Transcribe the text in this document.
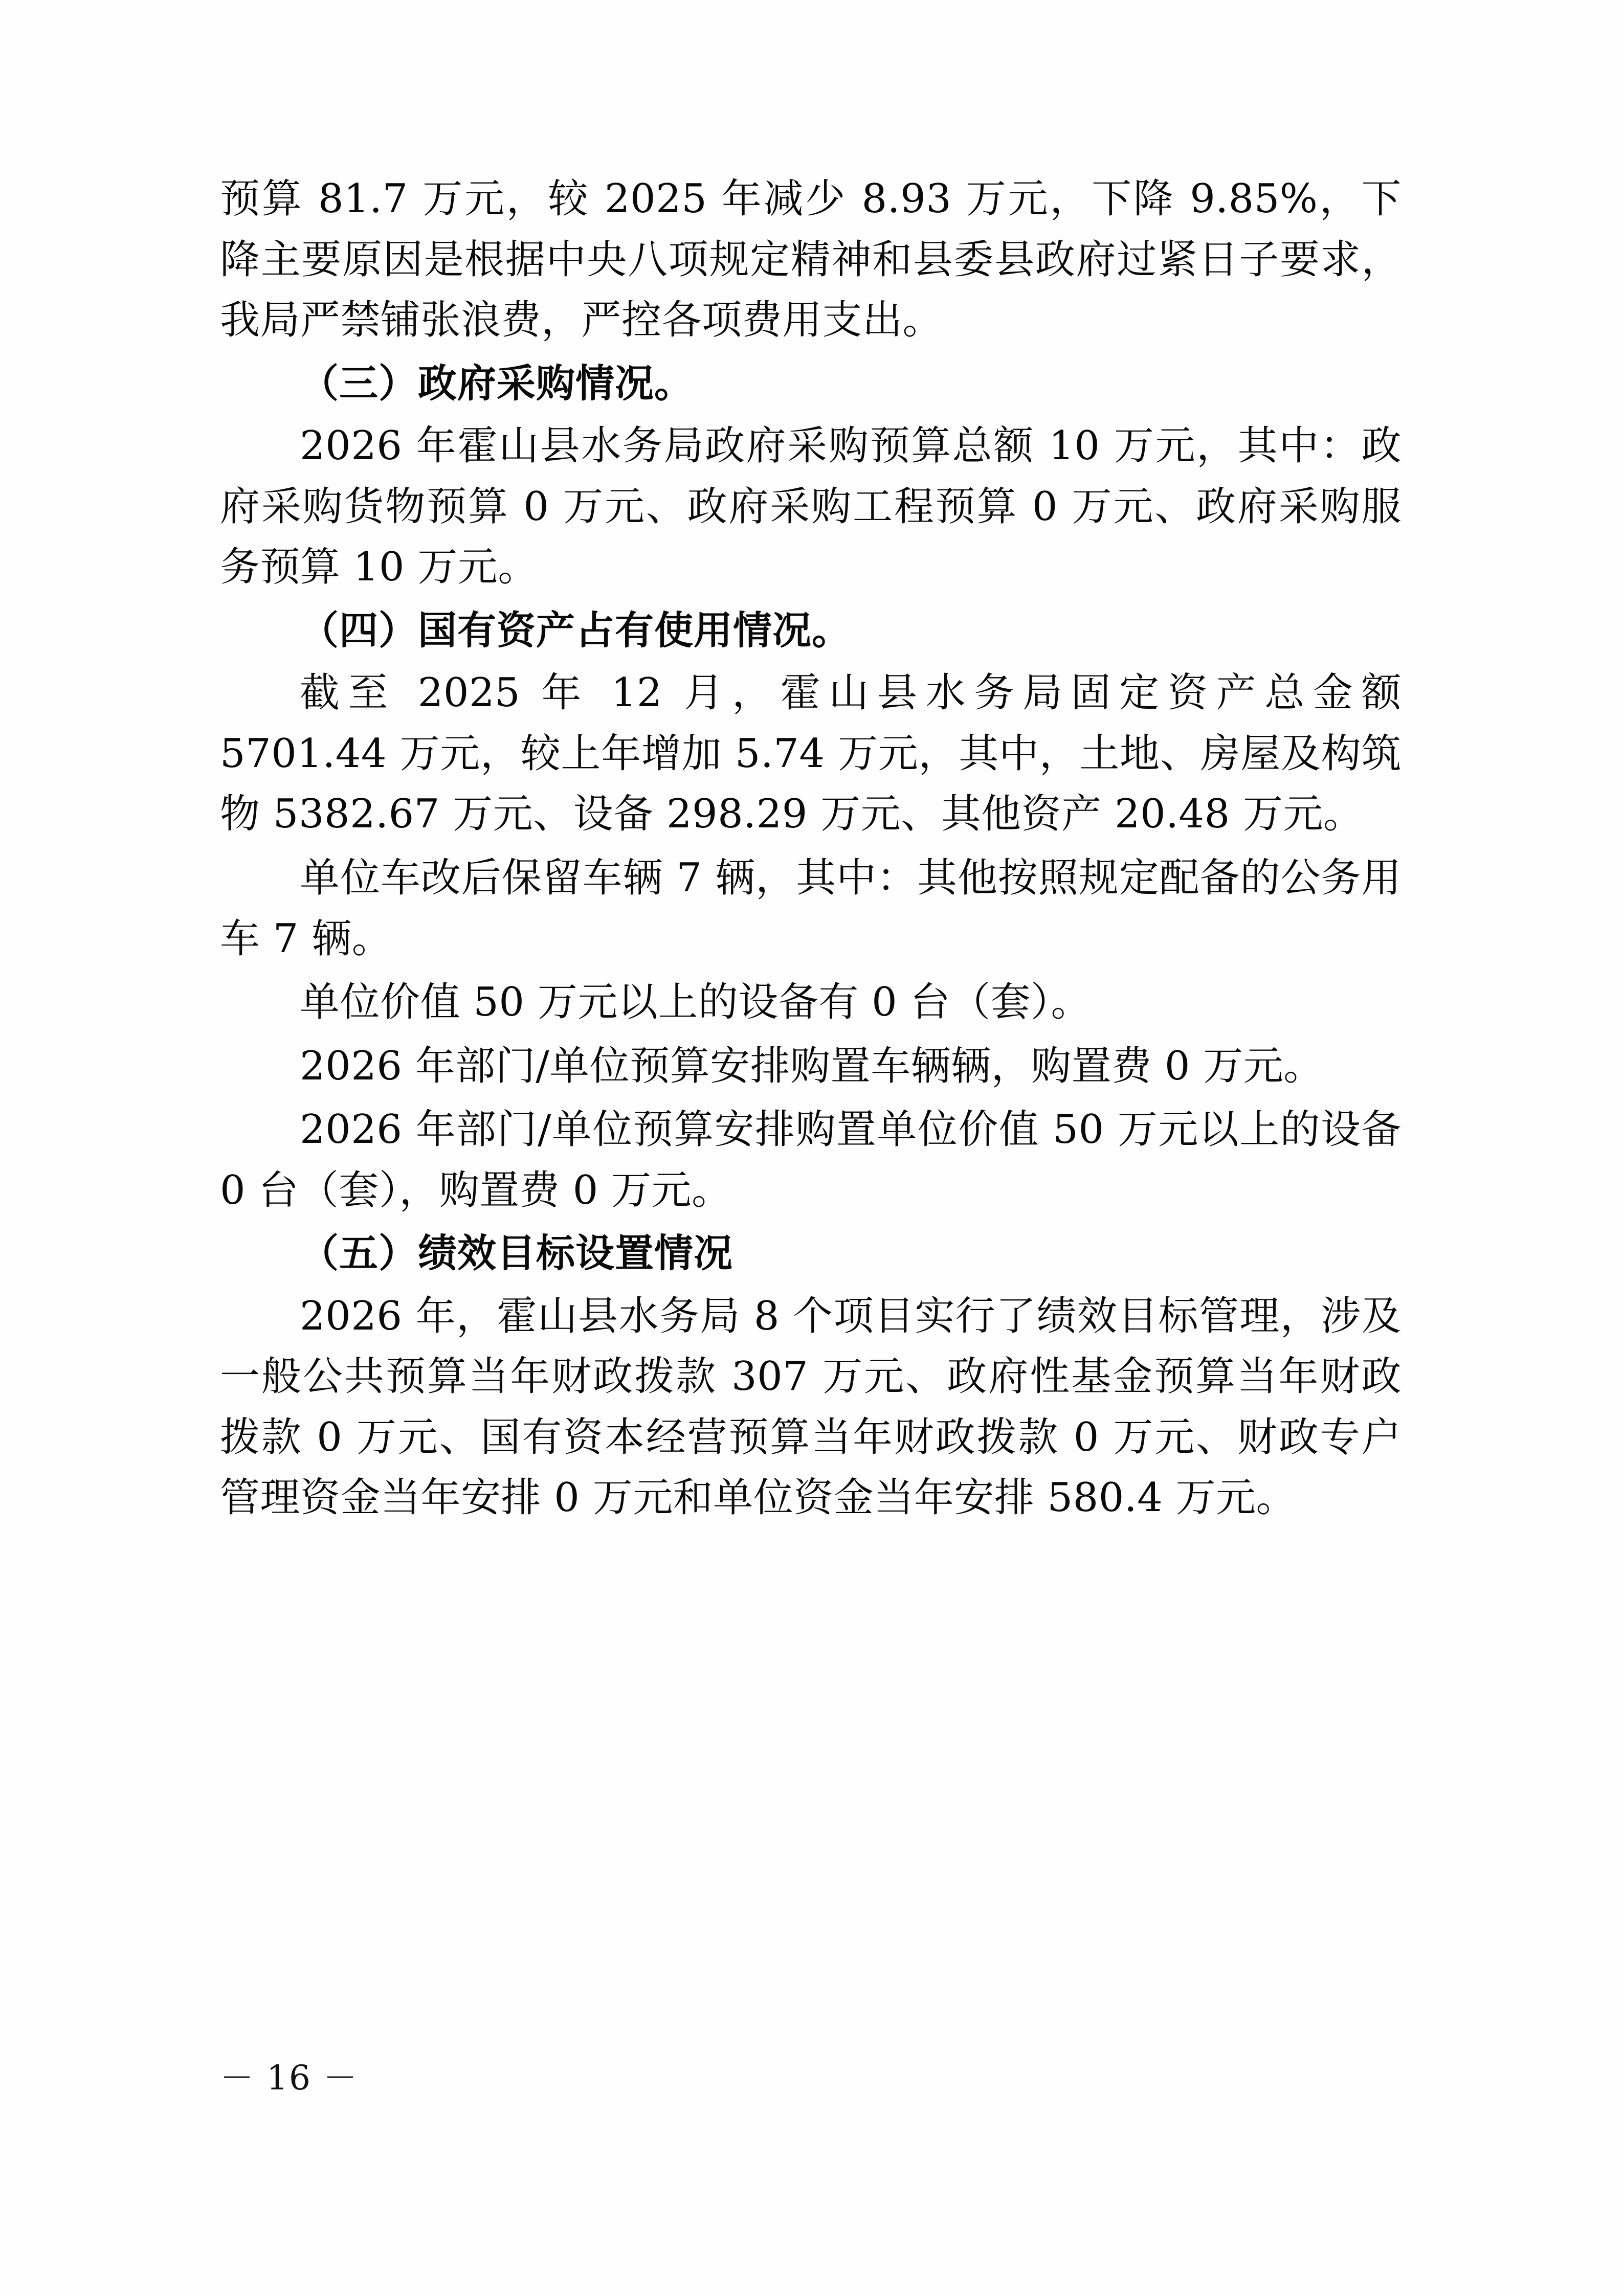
预算 81.7 万元，较 2025 年减少 8.93 万元，下降 9.85%，下降主要原因是根据中央八项规定精神和县委县政府过紧日子要求，我局严禁铺张浪费，严控各项费用支出。

（三）政府采购情况。

2026 年霍山县水务局政府采购预算总额 10 万元，其中：政府采购货物预算 0 万元、政府采购工程预算 0 万元、政府采购服务预算 10 万元。

（四）国有资产占有使用情况。

截至 2025 年 12 月，霍山县水务局固定资产总金额 5701.44 万元，较上年增加 5.74 万元，其中，土地、房屋及构筑物 5382.67 万元、设备 298.29 万元、其他资产 20.48 万元。

单位车改后保留车辆 7 辆，其中：其他按照规定配备的公务用车 7 辆。

单位价值 50 万元以上的设备有 0 台（套）。

2026 年部门/单位预算安排购置车辆辆，购置费 0 万元。

2026 年部门/单位预算安排购置单位价值 50 万元以上的设备 0 台（套），购置费 0 万元。

（五）绩效目标设置情况

2026 年，霍山县水务局 8 个项目实行了绩效目标管理，涉及一般公共预算当年财政拨款 307 万元、政府性基金预算当年财政拨款 0 万元、国有资本经营预算当年财政拨款 0 万元、财政专户管理资金当年安排 0 万元和单位资金当年安排 580.4 万元。

－ 16 －
